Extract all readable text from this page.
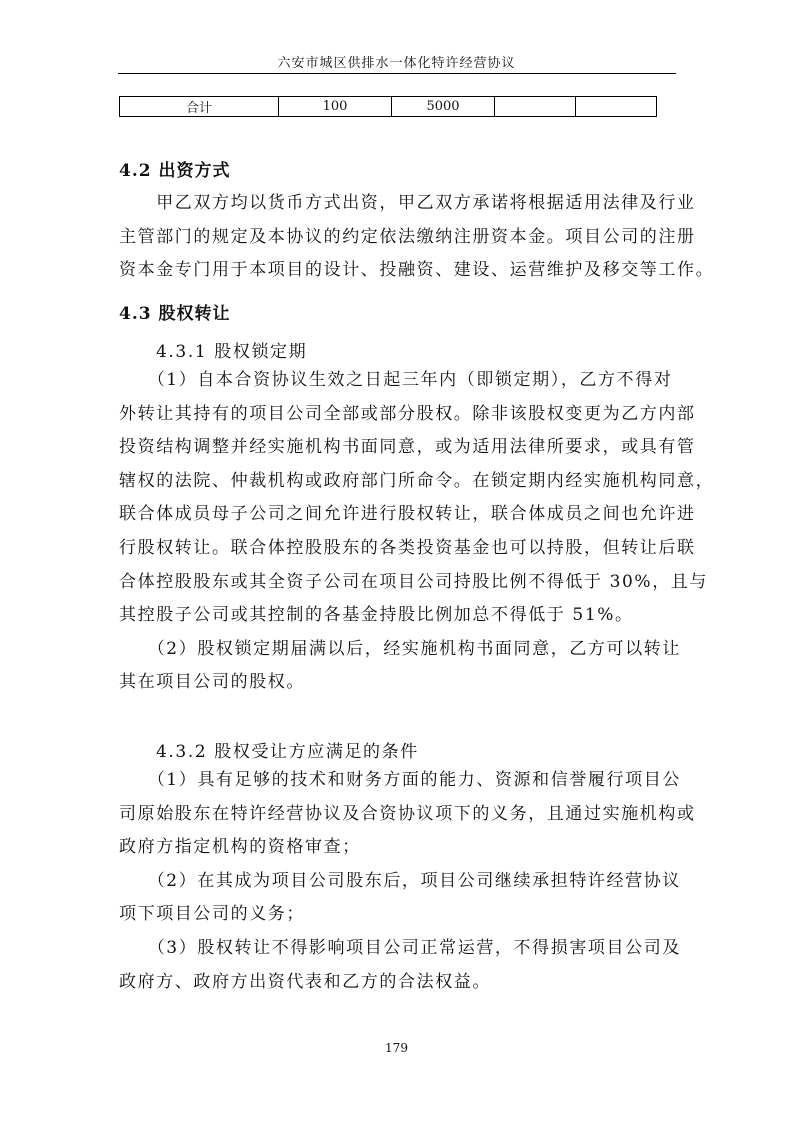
六安市城区供排水一体化特许经营协议
合计	100	5000		
4.2 出资方式
　　甲乙双方均以货币方式出资，甲乙双方承诺将根据适用法律及行业
主管部门的规定及本协议的约定依法缴纳注册资本金。项目公司的注册
资本金专门用于本项目的设计、投融资、建设、运营维护及移交等工作。
4.3 股权转让
4.3.1 股权锁定期
　　（1）自本合资协议生效之日起三年内（即锁定期），乙方不得对
外转让其持有的项目公司全部或部分股权。除非该股权变更为乙方内部
投资结构调整并经实施机构书面同意，或为适用法律所要求，或具有管
辖权的法院、仲裁机构或政府部门所命令。在锁定期内经实施机构同意，
联合体成员母子公司之间允许进行股权转让，联合体成员之间也允许进
行股权转让。联合体控股股东的各类投资基金也可以持股，但转让后联
合体控股股东或其全资子公司在项目公司持股比例不得低于 30%，且与
其控股子公司或其控制的各基金持股比例加总不得低于 51%。
　　（2）股权锁定期届满以后，经实施机构书面同意，乙方可以转让
其在项目公司的股权。
4.3.2 股权受让方应满足的条件
　　（1）具有足够的技术和财务方面的能力、资源和信誉履行项目公
司原始股东在特许经营协议及合资协议项下的义务，且通过实施机构或
政府方指定机构的资格审查；
　　（2）在其成为项目公司股东后，项目公司继续承担特许经营协议
项下项目公司的义务；
　　（3）股权转让不得影响项目公司正常运营，不得损害项目公司及
政府方、政府方出资代表和乙方的合法权益。
179
